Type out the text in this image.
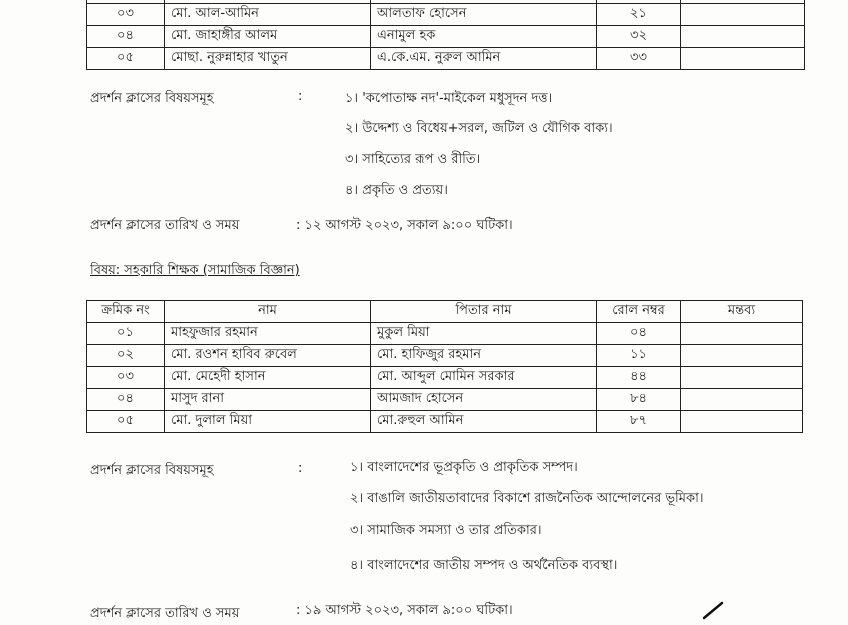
০৩	মো. আল-আমিন	আলতাফ হোসেন	২১	
০৪	মো. জাহাঙ্গীর আলম	এনামুল হক	৩২	
০৫	মোছা. নুরুন্নাহার খাতুন	এ.কে.এম. নুরুল আমিন	৩৩	
প্রদর্শন ক্লাসের বিষয়সমূহ	:	১। 'কপোতাক্ষ নদ'-মাইকেল মধুসূদন দত্ত।
২। উদ্দেশ্য ও বিধেয়+সরল, জটিল ও যৌগিক বাক্য।
৩। সাহিত্যের রূপ ও রীতি।
৪। প্রকৃতি ও প্রত্যয়।
প্রদর্শন ক্লাসের তারিখ ও সময়	: ১২ আগস্ট ২০২৩, সকাল ৯:০০ ঘটিকা।
বিষয়: সহকারি শিক্ষক (সামাজিক বিজ্ঞান)
ক্রমিক নং	নাম	পিতার নাম	রোল নম্বর	মন্তব্য
০১	মাহফুজার রহমান	মুকুল মিয়া	০৪	
০২	মো. রওশন হাবিব রুবেল	মো. হাফিজুর রহমান	১১	
০৩	মো. মেহেদী হাসান	মো. আব্দুল মোমিন সরকার	৪৪	
০৪	মাসুদ রানা	আমজাদ হোসেন	৮৪	
০৫	মো. দুলাল মিয়া	মো.রুহুল আমিন	৮৭	
প্রদর্শন ক্লাসের বিষয়সমূহ	:	১। বাংলাদেশের ভূপ্রকৃতি ও প্রাকৃতিক সম্পদ।
২। বাঙালি জাতীয়তাবাদের বিকাশে রাজনৈতিক আন্দোলনের ভূমিকা।
৩। সামাজিক সমস্যা ও তার প্রতিকার।
৪। বাংলাদেশের জাতীয় সম্পদ ও অর্থনৈতিক ব্যবস্থা।
প্রদর্শন ক্লাসের তারিখ ও সময়	: ১৯ আগস্ট ২০২৩, সকাল ৯:০০ ঘটিকা।
